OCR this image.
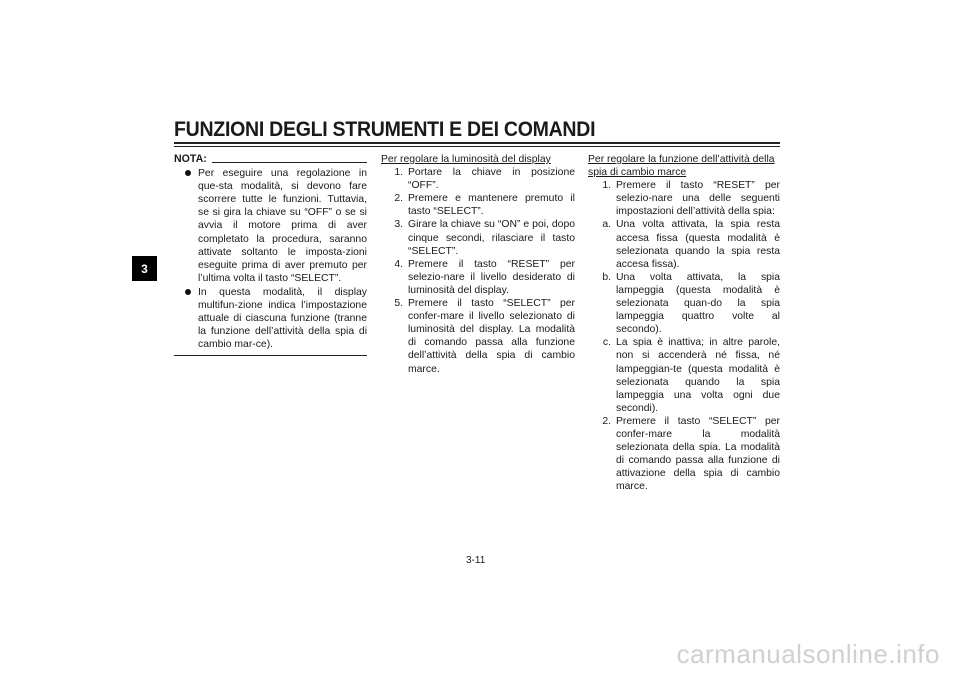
FUNZIONI DEGLI STRUMENTI E DEI COMANDI
3
NOTA:
Per eseguire una regolazione in que-sta modalità, si devono fare scorrere tutte le funzioni. Tuttavia, se si gira la chiave su “OFF” o se si avvia il motore prima di aver completato la procedura, saranno attivate soltanto le imposta-zioni eseguite prima di aver premuto per l’ultima volta il tasto “SELECT”.
In questa modalità, il display multifun-zione indica l’impostazione attuale di ciascuna funzione (tranne la funzione dell’attività della spia di cambio mar-ce).
Per regolare la luminosità del display
1. Portare la chiave in posizione “OFF”.
2. Premere e mantenere premuto il tasto “SELECT”.
3. Girare la chiave su “ON” e poi, dopo cinque secondi, rilasciare il tasto “SELECT”.
4. Premere il tasto “RESET” per selezio-nare il livello desiderato di luminosità del display.
5. Premere il tasto “SELECT” per confer-mare il livello selezionato di luminosità del display. La modalità di comando passa alla funzione dell’attività della spia di cambio marce.
Per regolare la funzione dell’attività della spia di cambio marce
1. Premere il tasto “RESET” per selezio-nare una delle seguenti impostazioni dell’attività della spia:
a. Una volta attivata, la spia resta accesa fissa (questa modalità è selezionata quando la spia resta accesa fissa).
b. Una volta attivata, la spia lampeggia (questa modalità è selezionata quan-do la spia lampeggia quattro volte al secondo).
c. La spia è inattiva; in altre parole, non si accenderà né fissa, né lampeggian-te (questa modalità è selezionata quando la spia lampeggia una volta ogni due secondi).
2. Premere il tasto “SELECT” per confer-mare la modalità selezionata della spia. La modalità di comando passa alla funzione di attivazione della spia di cambio marce.
3-11
carmanualsonline.info
